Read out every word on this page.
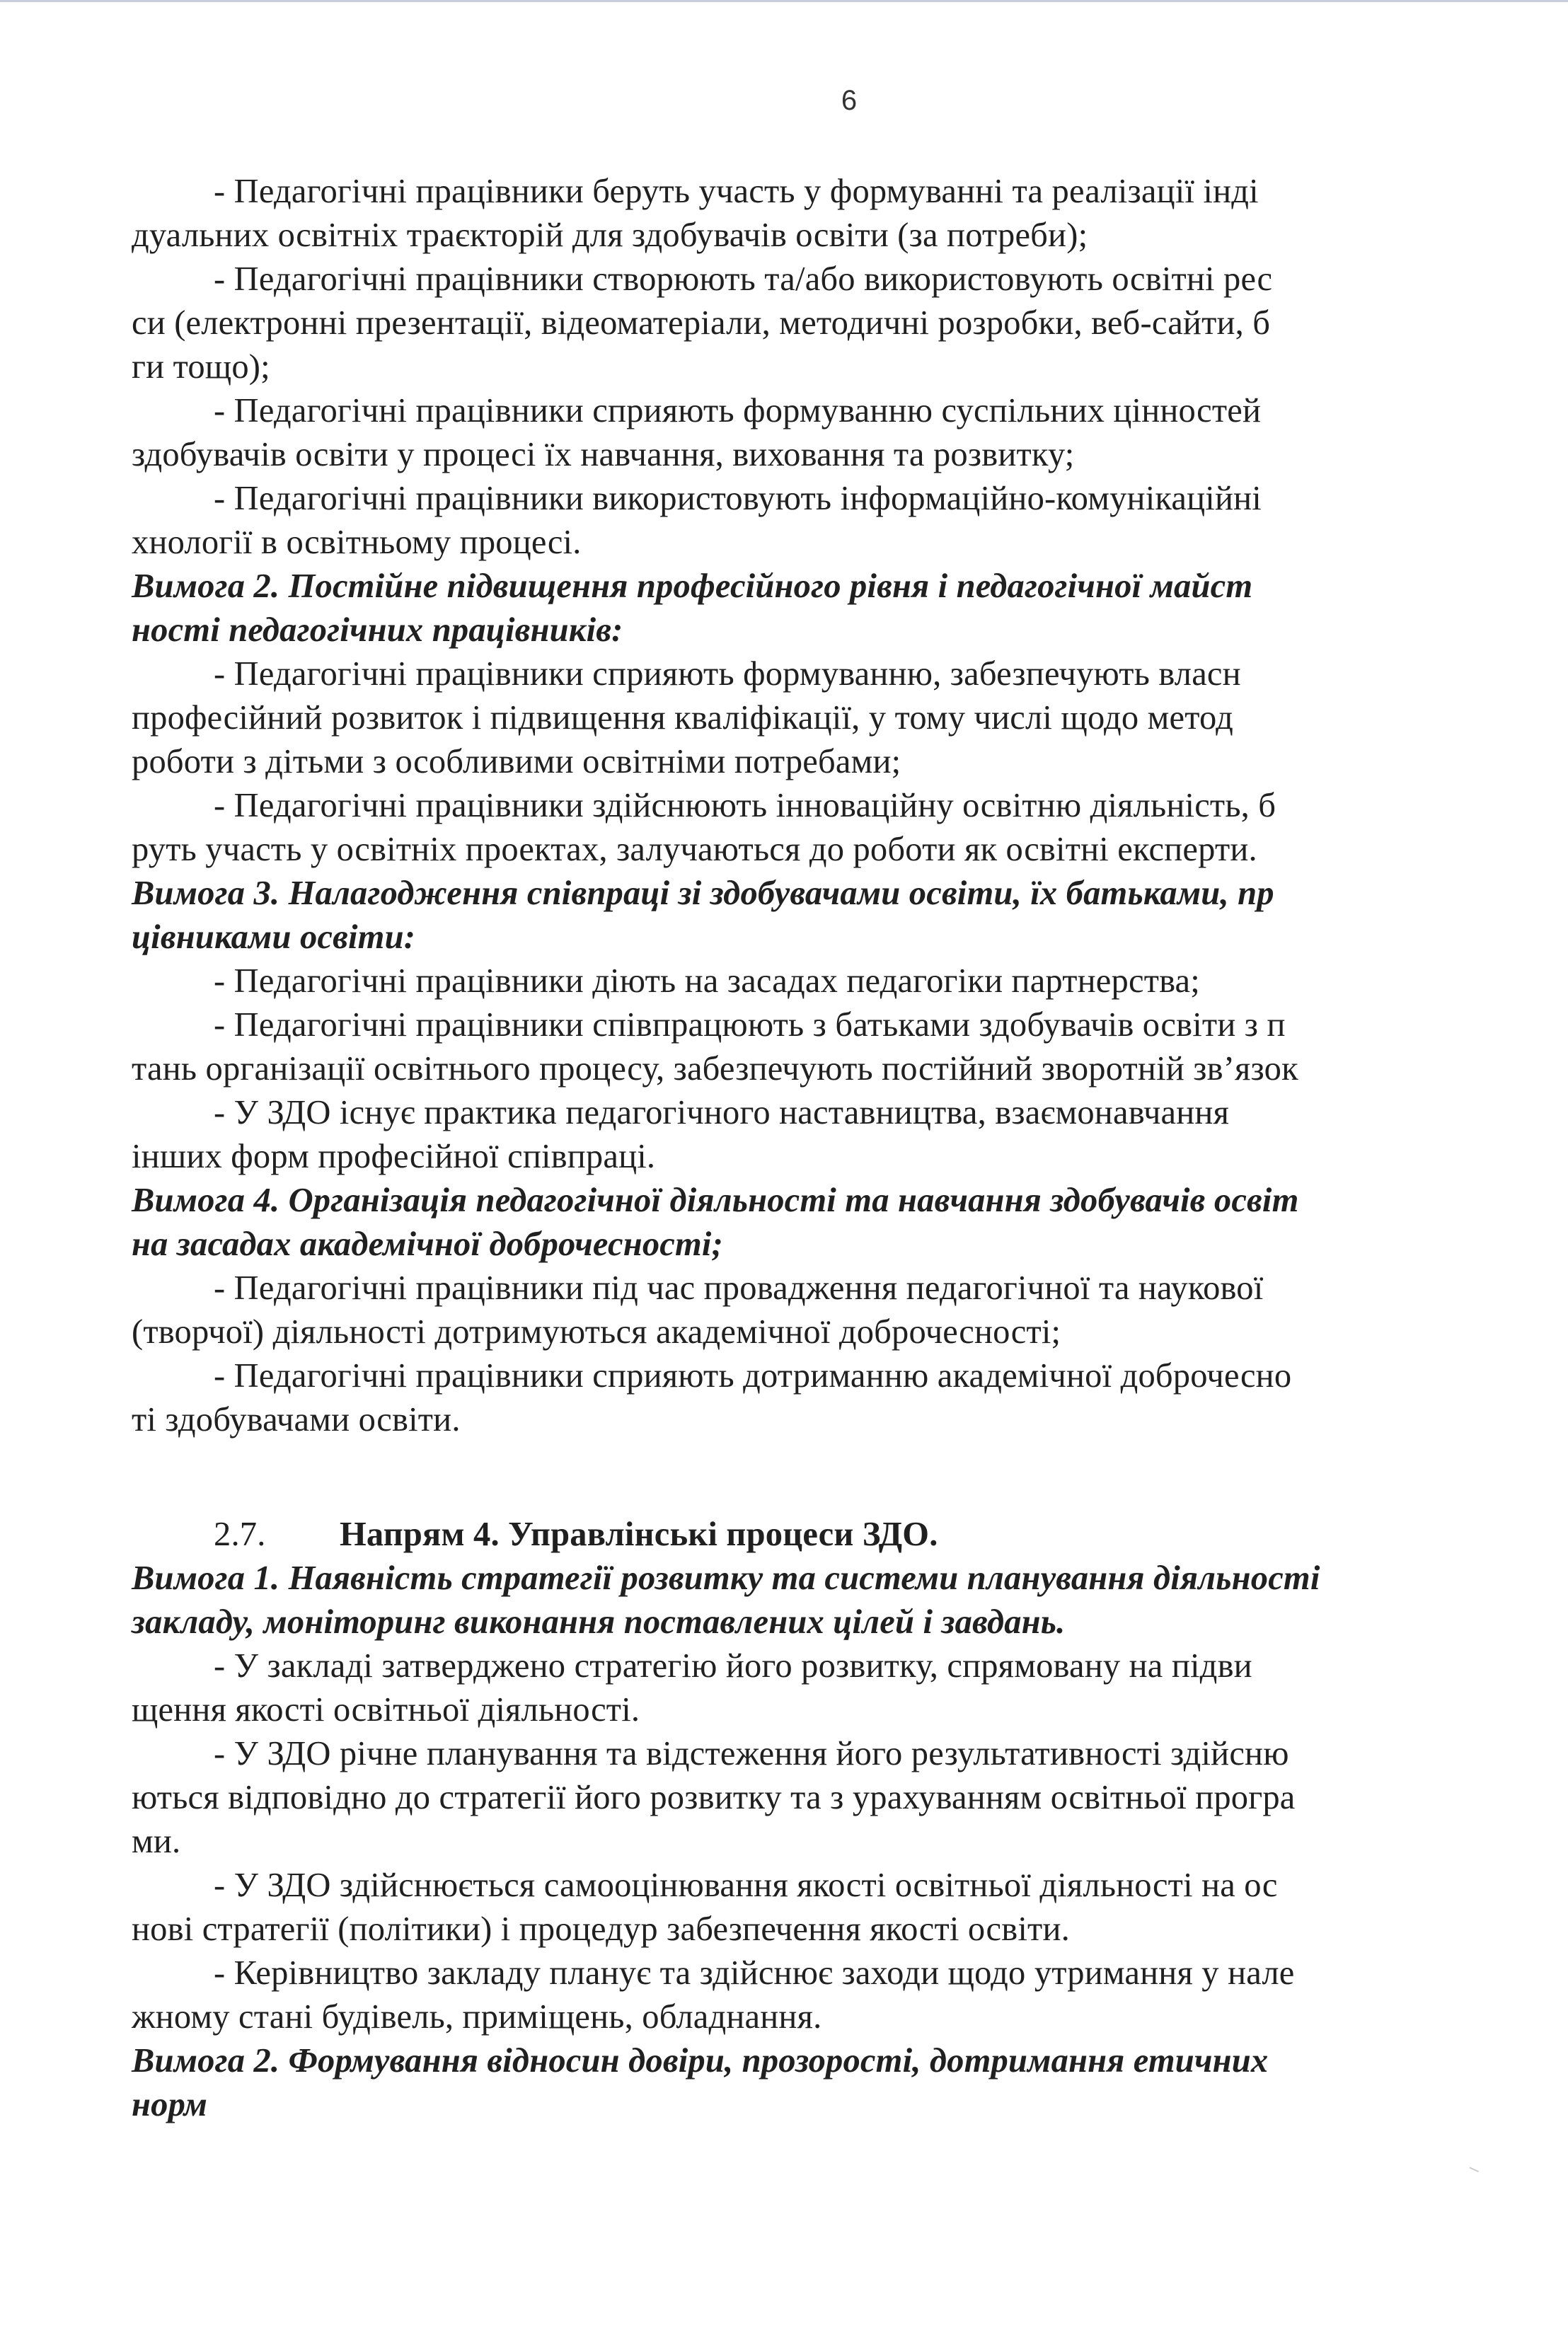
6
- Педагогічні працівники беруть участь у формуванні та реалізації інді
дуальних освітніх траєкторій для здобувачів освіти (за потреби);
- Педагогічні працівники створюють та/або використовують освітні рес
си (електронні презентації, відеоматеріали, методичні розробки, веб-сайти, б
ги тощо);
- Педагогічні працівники сприяють формуванню суспільних цінностей
здобувачів освіти у процесі їх навчання, виховання та розвитку;
- Педагогічні працівники використовують інформаційно-комунікаційні
хнології в освітньому процесі.
Вимога 2. Постійне підвищення професійного рівня і педагогічної майст
ності педагогічних працівників:
- Педагогічні працівники сприяють формуванню, забезпечують власн
професійний розвиток і підвищення кваліфікації, у тому числі щодо метод
роботи з дітьми з особливими освітніми потребами;
- Педагогічні працівники здійснюють інноваційну освітню діяльність, б
руть участь у освітніх проектах, залучаються до роботи як освітні експерти.
Вимога 3. Налагодження співпраці зі здобувачами освіти, їх батьками, пр
цівниками освіти:
- Педагогічні працівники діють на засадах педагогіки партнерства;
- Педагогічні працівники співпрацюють з батьками здобувачів освіти з п
тань організації освітнього процесу, забезпечують постійний зворотній зв’язок
- У ЗДО існує практика педагогічного наставництва, взаємонавчання
інших форм професійної співпраці.
Вимога 4. Організація педагогічної діяльності та навчання здобувачів освіт
на засадах академічної доброчесності;
- Педагогічні працівники під час провадження педагогічної та наукової
(творчої) діяльності дотримуються академічної доброчесності;
- Педагогічні працівники сприяють дотриманню академічної доброчесно
ті здобувачами освіти.
2.7. Напрям 4. Управлінські процеси ЗДО.
Вимога 1. Наявність стратегії розвитку та системи планування діяльності
закладу, моніторинг виконання поставлених цілей і завдань.
- У закладі затверджено стратегію його розвитку, спрямовану на підви
щення якості освітньої діяльності.
- У ЗДО річне планування та відстеження його результативності здійсню
ються відповідно до стратегії його розвитку та з урахуванням освітньої програ
ми.
- У ЗДО здійснюється самооцінювання якості освітньої діяльності на ос
нові стратегії (політики) і процедур забезпечення якості освіти.
- Керівництво закладу планує та здійснює заходи щодо утримання у нале
жному стані будівель, приміщень, обладнання.
Вимога 2. Формування відносин довіри, прозорості, дотримання етичних
норм
